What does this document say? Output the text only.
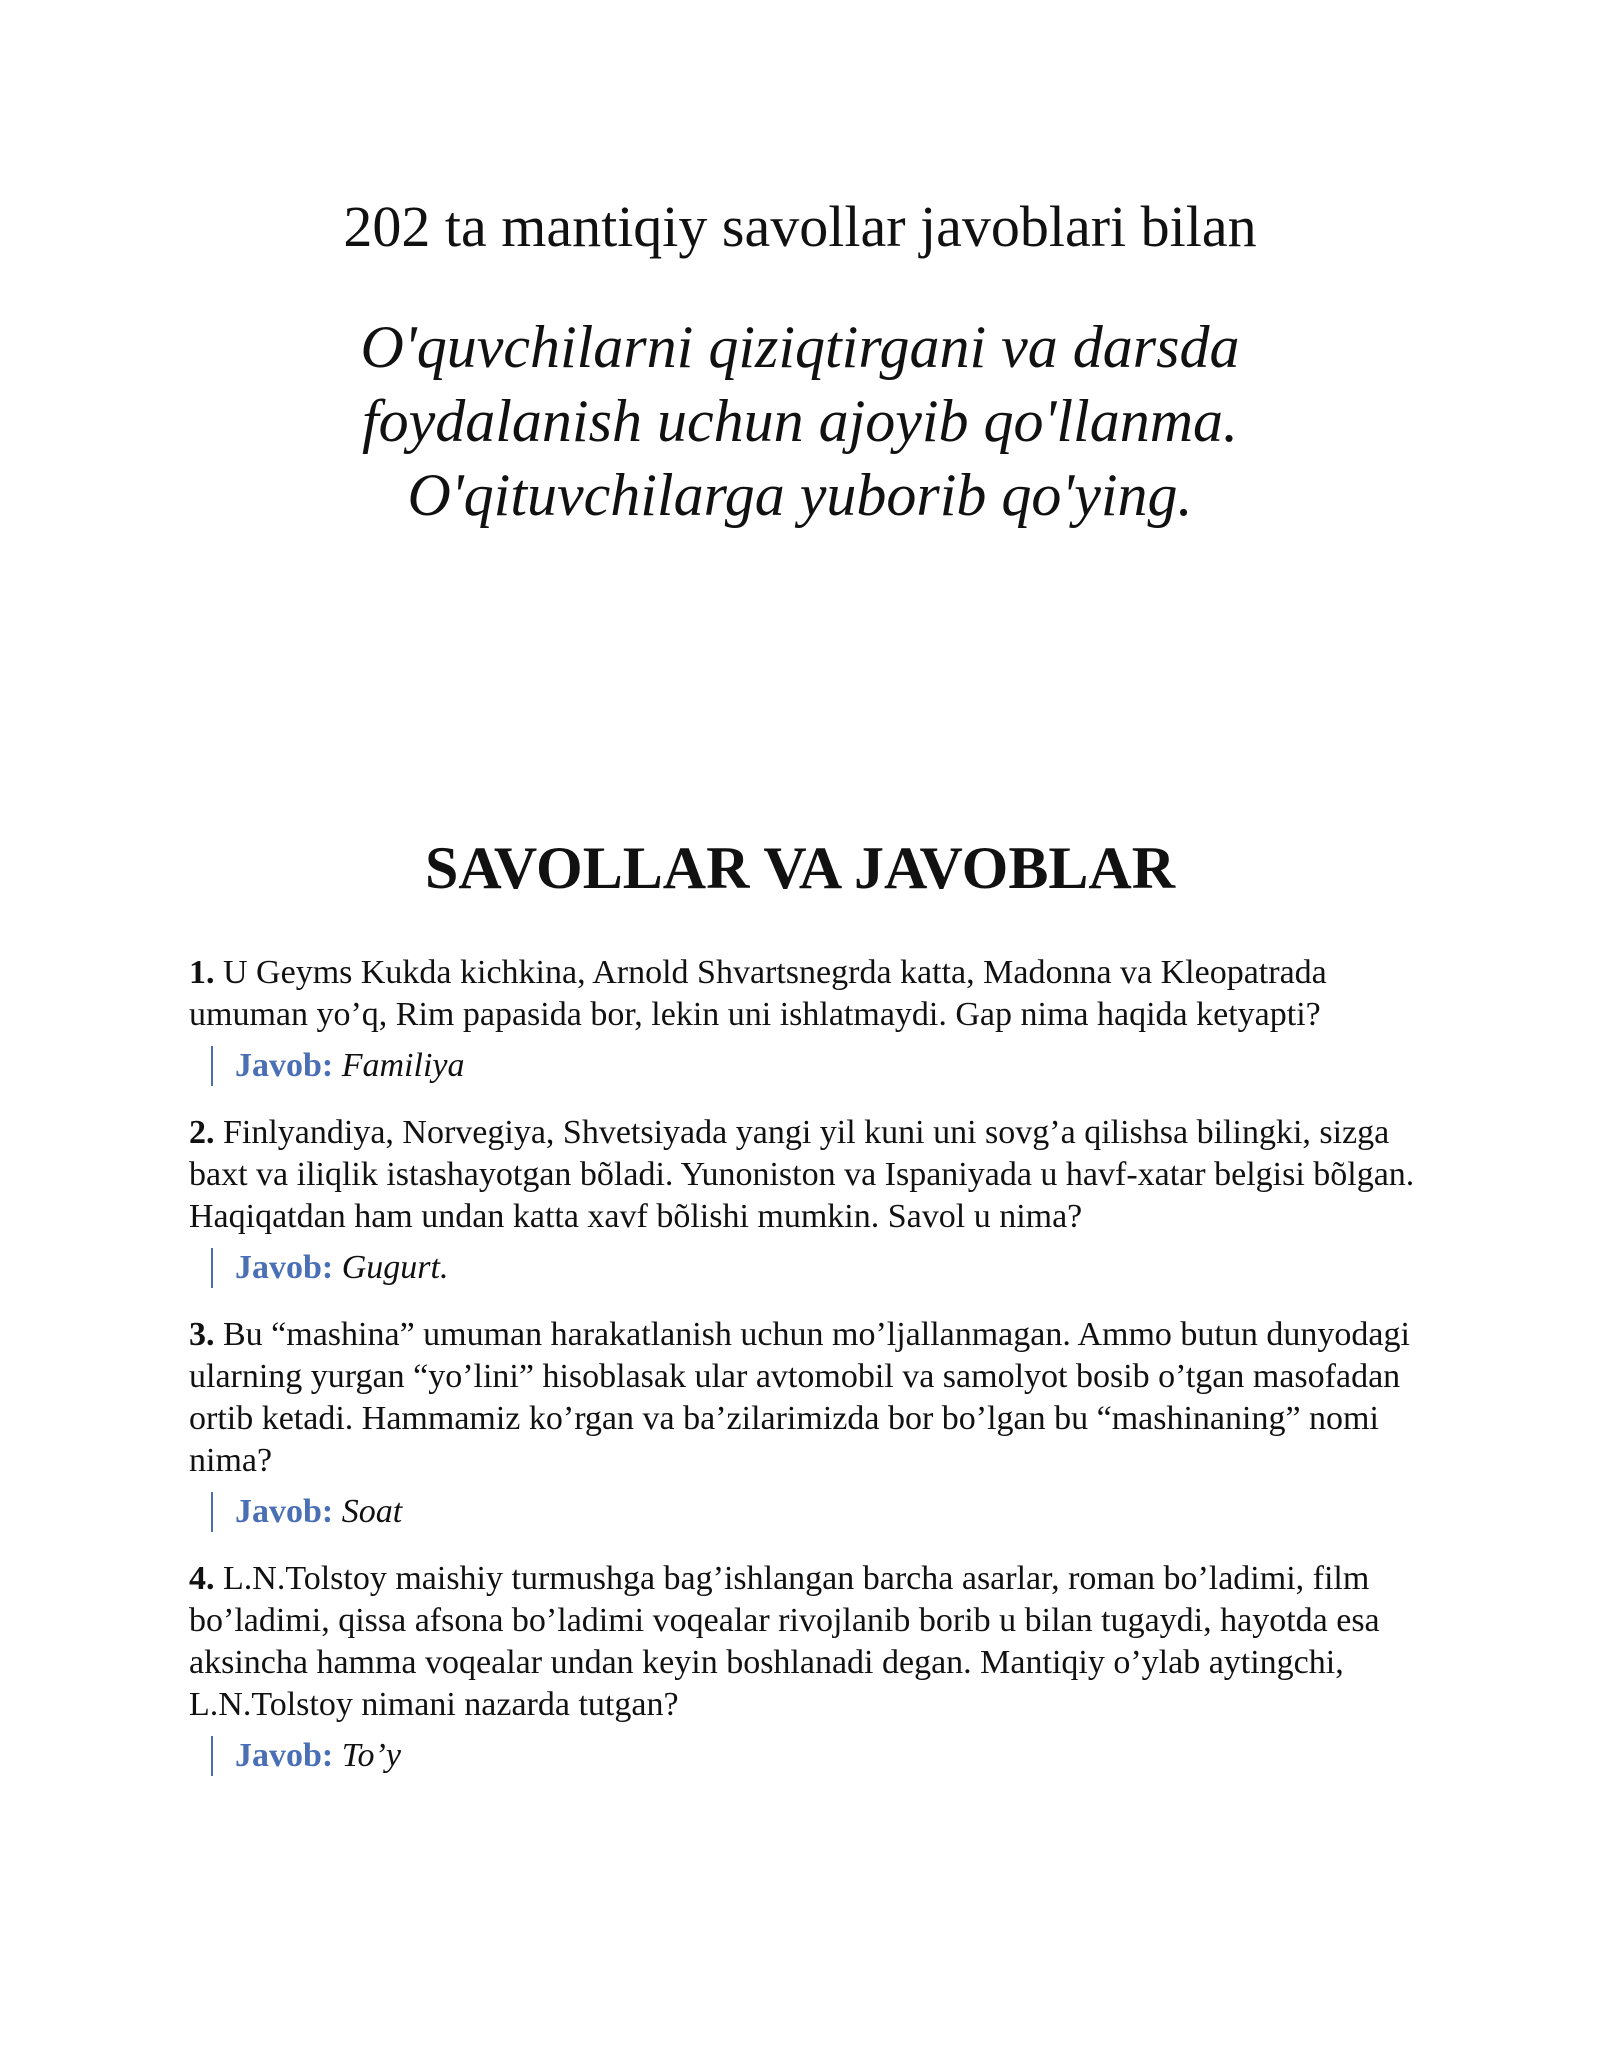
202 ta mantiqiy savollar javoblari bilan
O'quvchilarni qiziqtirgani va darsda
foydalanish uchun ajoyib qo'llanma.
O'qituvchilarga yuborib qo'ying.
SAVOLLAR VA JAVOBLAR

1. U Geyms Kukda kichkina, Arnold Shvartsnegrda katta, Madonna va Kleopatrada umuman yo’q, Rim papasida bor, lekin uni ishlatmaydi. Gap nima haqida ketyapti?

Javob: Familiya

2. Finlyandiya, Norvegiya, Shvetsiyada yangi yil kuni uni sovg’a qilishsa bilingki, sizga baxt va iliqlik istashayotgan bõladi. Yunoniston va Ispaniyada u havf-xatar belgisi bõlgan. Haqiqatdan ham undan katta xavf bõlishi mumkin. Savol u nima?

Javob: Gugurt.

3. Bu “mashina” umuman harakatlanish uchun mo’ljallanmagan. Ammo butun dunyodagi ularning yurgan “yo’lini” hisoblasak ular avtomobil va samolyot bosib o’tgan masofadan ortib ketadi. Hammamiz ko’rgan va ba’zilarimizda bor bo’lgan bu “mashinaning” nomi nima?

Javob: Soat

4. L.N.Tolstoy maishiy turmushga bag’ishlangan barcha asarlar, roman bo’ladimi, film bo’ladimi, qissa afsona bo’ladimi voqealar rivojlanib borib u bilan tugaydi, hayotda esa aksincha hamma voqealar undan keyin boshlanadi degan. Mantiqiy o’ylab aytingchi, L.N.Tolstoy nimani nazarda tutgan?

Javob: To’y
